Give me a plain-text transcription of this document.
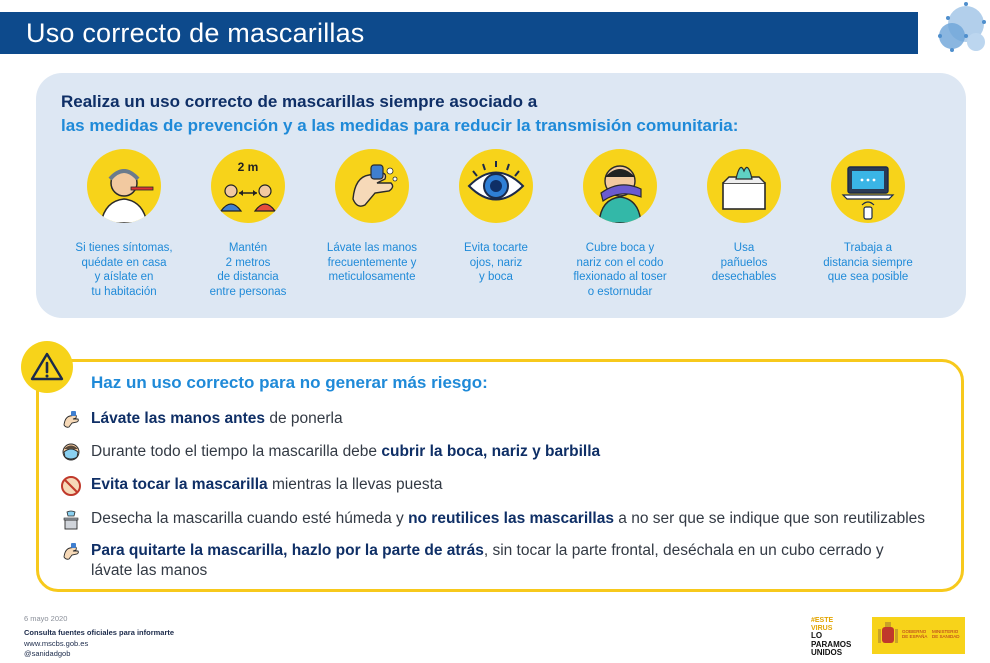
Uso correcto de mascarillas
Realiza un uso correcto de mascarillas siempre asociado a
las medidas de prevención y a las medidas para reducir la transmisión comunitaria:
Si tienes síntomas,
quédate en casa
y aíslate en
tu habitación
2 m
Mantén
2 metros
de distancia
entre personas
Lávate las manos
frecuentemente y
meticulosamente
Evita tocarte
ojos, nariz
y boca
Cubre boca y
nariz con el codo
flexionado al toser
o estornudar
Usa
pañuelos
desechables
Trabaja a
distancia siempre
que sea posible
Haz un uso correcto para no generar más riesgo:
Lávate las manos antes de ponerla
Durante todo el tiempo la mascarilla debe cubrir la boca, nariz y barbilla
Evita tocar la mascarilla mientras la llevas puesta
Desecha la mascarilla cuando esté húmeda y no reutilices las mascarillas a no ser que se indique que son reutilizables
Para quitarte la mascarilla, hazlo por la parte de atrás, sin tocar la parte frontal, deséchala en un cubo cerrado y lávate las manos
6 mayo 2020
Consulta fuentes oficiales para informarte
www.mscbs.gob.es
@sanidadgob
#ESTE
VIRUS
LO
PARAMOS
UNIDOS
GOBIERNO DE ESPAÑA
MINISTERIO DE SANIDAD
